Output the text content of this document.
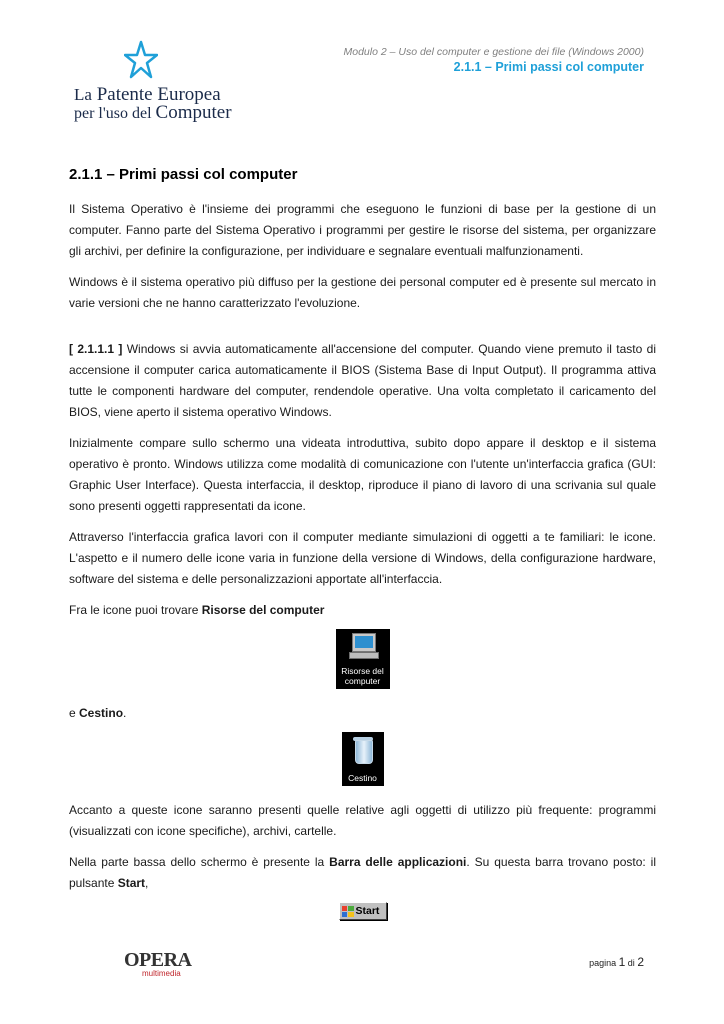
La Patente Europea
per l'uso del Computer
Modulo 2 – Uso del computer e gestione dei file (Windows 2000)
2.1.1 – Primi passi col computer
2.1.1 – Primi passi col computer

Il Sistema Operativo è l'insieme dei programmi che eseguono le funzioni di base per la gestione di un computer. Fanno parte del Sistema Operativo i programmi per gestire le risorse del sistema, per organizzare gli archivi, per definire la configurazione, per individuare e segnalare eventuali malfunzionamenti.

Windows è il sistema operativo più diffuso per la gestione dei personal computer ed è presente sul mercato in varie versioni che ne hanno caratterizzato l'evoluzione.

[ 2.1.1.1 ] Windows si avvia automaticamente all'accensione del computer. Quando viene premuto il tasto di accensione il computer carica automaticamente il BIOS (Sistema Base di Input Output). Il programma attiva tutte le componenti hardware del computer, rendendole operative. Una volta completato il caricamento del BIOS, viene aperto il sistema operativo Windows.

Inizialmente compare sullo schermo una videata introduttiva, subito dopo appare il desktop e il sistema operativo è pronto. Windows utilizza come modalità di comunicazione con l'utente un'interfaccia grafica (GUI: Graphic User Interface). Questa interfaccia, il desktop, riproduce il piano di lavoro di una scrivania sul quale sono presenti oggetti rappresentati da icone.

Attraverso l'interfaccia grafica lavori con il computer mediante simulazioni di oggetti a te familiari: le icone. L'aspetto e il numero delle icone varia in funzione della versione di Windows, della configurazione hardware, software del sistema e delle personalizzazioni apportate all'interfaccia.

Fra le icone puoi trovare Risorse del computer

Risorse del
computer

e Cestino.

Cestino

Accanto a queste icone saranno presenti quelle relative agli oggetti di utilizzo più frequente: programmi (visualizzati con icone specifiche), archivi, cartelle.

Nella parte bassa dello schermo è presente la Barra delle applicazioni. Su questa barra trovano posto: il pulsante Start,

Start
OPERA
multimedia
pagina 1 di 2
